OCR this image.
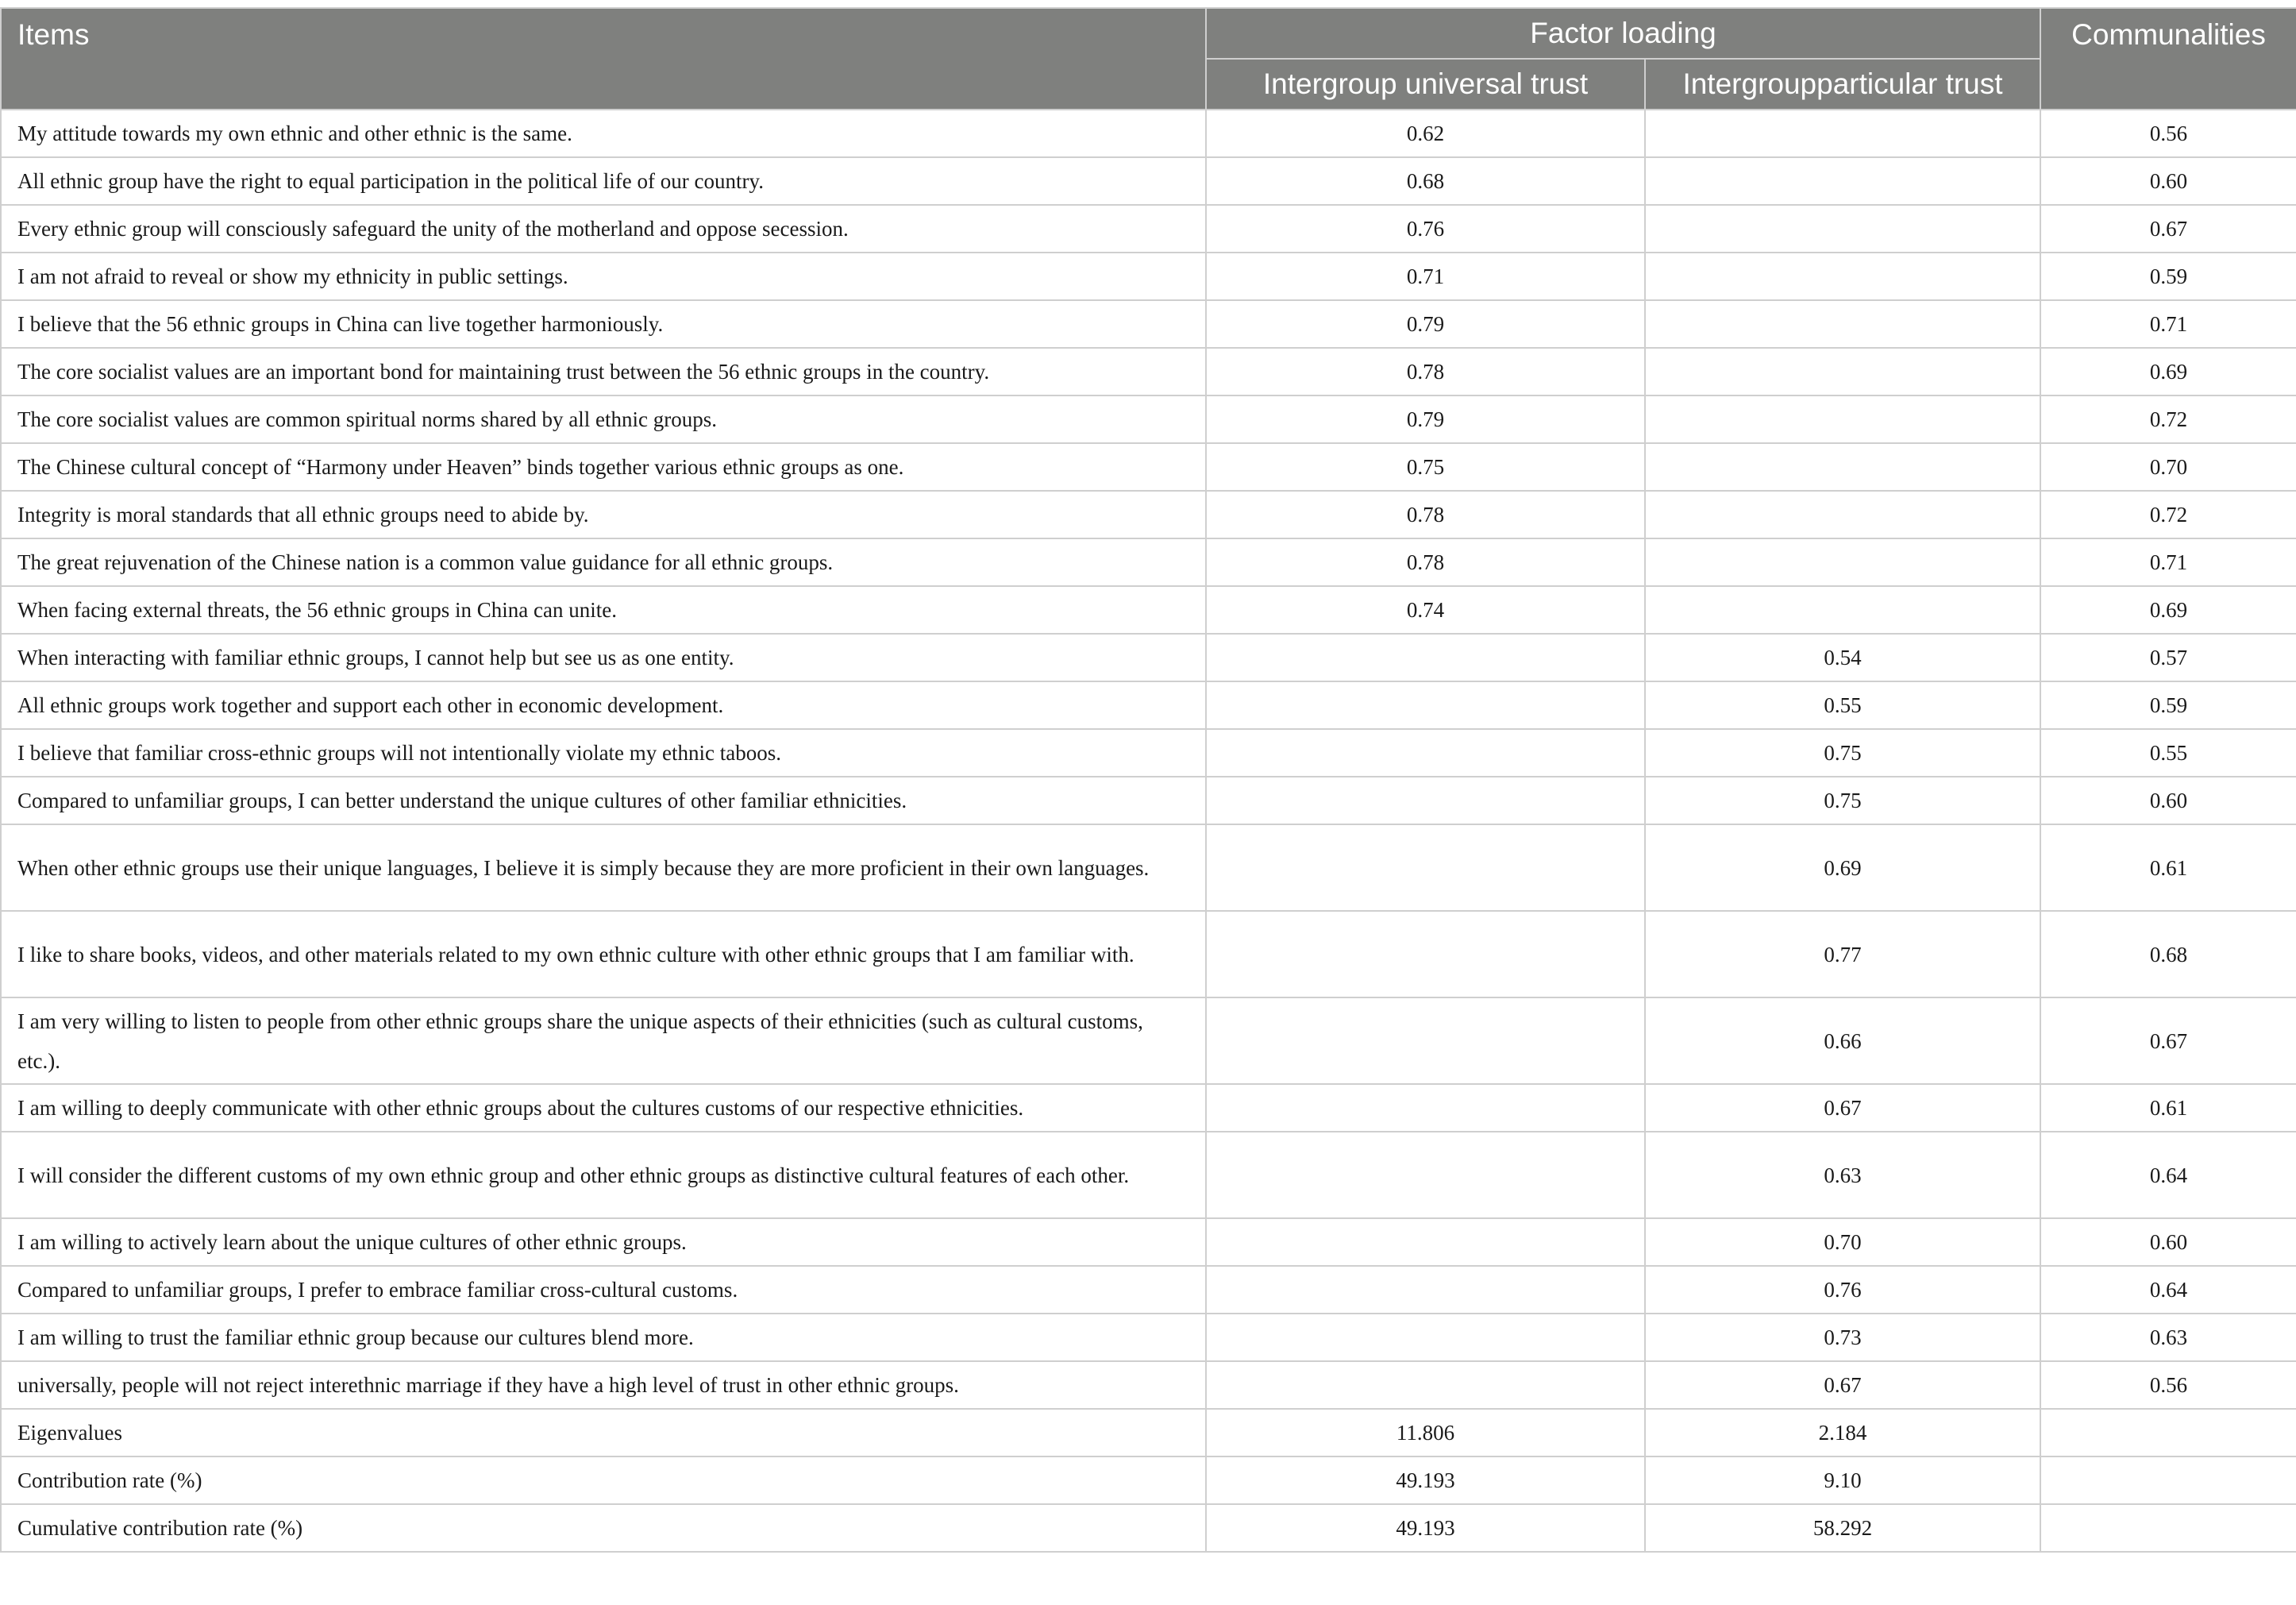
Items	Factor loading		Communalities
	Intergroup universal trust	Intergroupparticular trust	
My attitude towards my own ethnic and other ethnic is the same.	0.62		0.56
All ethnic group have the right to equal participation in the political life of our country.	0.68		0.60
Every ethnic group will consciously safeguard the unity of the motherland and oppose secession.	0.76		0.67
I am not afraid to reveal or show my ethnicity in public settings.	0.71		0.59
I believe that the 56 ethnic groups in China can live together harmoniously.	0.79		0.71
The core socialist values are an important bond for maintaining trust between the 56 ethnic groups in the country.	0.78		0.69
The core socialist values are common spiritual norms shared by all ethnic groups.	0.79		0.72
The Chinese cultural concept of “Harmony under Heaven” binds together various ethnic groups as one.	0.75		0.70
Integrity is moral standards that all ethnic groups need to abide by.	0.78		0.72
The great rejuvenation of the Chinese nation is a common value guidance for all ethnic groups.	0.78		0.71
When facing external threats, the 56 ethnic groups in China can unite.	0.74		0.69
When interacting with familiar ethnic groups, I cannot help but see us as one entity.		0.54	0.57
All ethnic groups work together and support each other in economic development.		0.55	0.59
I believe that familiar cross-ethnic groups will not intentionally violate my ethnic taboos.		0.75	0.55
Compared to unfamiliar groups, I can better understand the unique cultures of other familiar ethnicities.		0.75	0.60
When other ethnic groups use their unique languages, I believe it is simply because they are more proficient in their own languages.		0.69	0.61
I like to share books, videos, and other materials related to my own ethnic culture with other ethnic groups that I am familiar with.		0.77	0.68
I am very willing to listen to people from other ethnic groups share the unique aspects of their ethnicities (such as cultural customs, etc.).		0.66	0.67
I am willing to deeply communicate with other ethnic groups about the cultures customs of our respective ethnicities.		0.67	0.61
I will consider the different customs of my own ethnic group and other ethnic groups as distinctive cultural features of each other.		0.63	0.64
I am willing to actively learn about the unique cultures of other ethnic groups.		0.70	0.60
Compared to unfamiliar groups, I prefer to embrace familiar cross-cultural customs.		0.76	0.64
I am willing to trust the familiar ethnic group because our cultures blend more.		0.73	0.63
universally, people will not reject interethnic marriage if they have a high level of trust in other ethnic groups.		0.67	0.56
Eigenvalues	11.806	2.184	
Contribution rate (%)	49.193	9.10	
Cumulative contribution rate (%)	49.193	58.292	
